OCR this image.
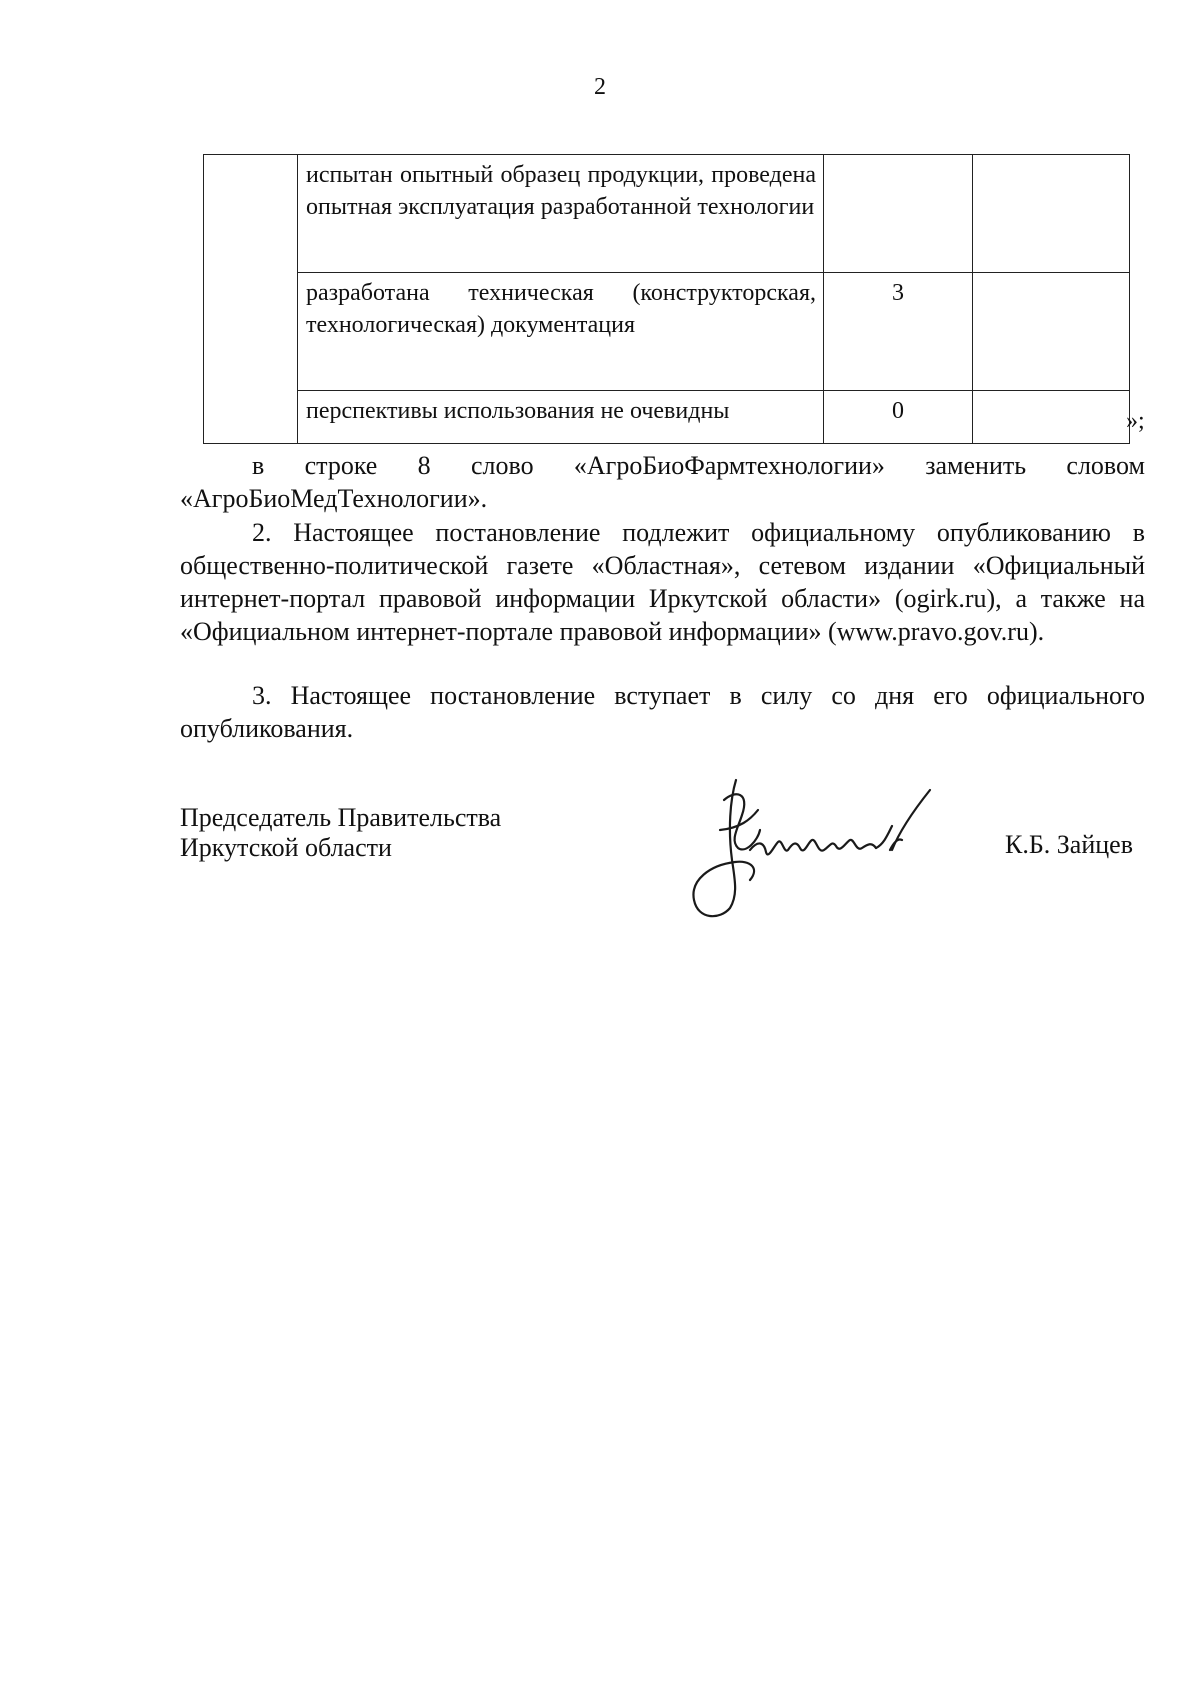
2

	испытан опытный образец продукции, проведена опытная эксплуатация разработанной технологии		

	разработана техническая (конструкторская, технологическая) документация	3	

	перспективы использования не очевидны	0	
		»;

в строке 8 слово «АгроБиоФармтехнологии» заменить словом «АгроБиоМедТехнологии».

2. Настоящее постановление подлежит официальному опубликованию в общественно-политической газете «Областная», сетевом издании «Официальный интернет-портал правовой информации Иркутской области» (ogirk.ru), а также на «Официальном интернет-портале правовой информации» (www.pravo.gov.ru).

3. Настоящее постановление вступает в силу со дня его официального опубликования.

Председатель Правительства
Иркутской области	К.Б. Зайцев
